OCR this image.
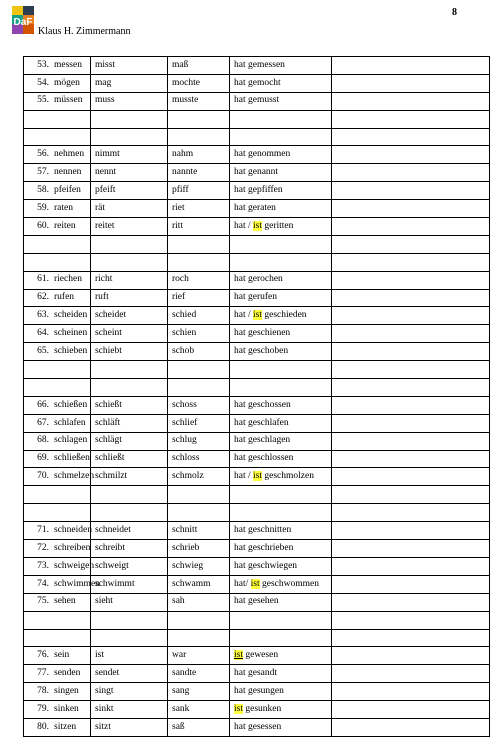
8
DaF
Klaus H. Zimmermann
53. messen	misst	maß	hat gemessen	
54. mögen	mag	mochte	hat gemocht	
55. müssen	muss	musste	hat gemusst	

56. nehmen	nimmt	nahm	hat genommen	
57. nennen	nennt	nannte	hat genannt	
58. pfeifen	pfeift	pfiff	hat gepfiffen	
59. raten	rät	riet	hat geraten	
60. reiten	reitet	ritt	hat / ist geritten	

61. riechen	richt	roch	hat gerochen	
62. rufen	ruft	rief	hat gerufen	
63. scheiden	scheidet	schied	hat / ist geschieden	
64. scheinen	scheint	schien	hat geschienen	
65. schieben	schiebt	schob	hat geschoben	

66. schießen	schießt	schoss	hat geschossen	
67. schlafen	schläft	schlief	hat geschlafen	
68. schlagen	schlägt	schlug	hat geschlagen	
69. schließen	schließt	schloss	hat geschlossen	
70. schmelzen	schmilzt	schmolz	hat / ist geschmolzen	

71. schneiden	schneidet	schnitt	hat geschnitten	
72. schreiben	schreibt	schrieb	hat geschrieben	
73. schweigen	schweigt	schwieg	hat geschwiegen	
74. schwimmen	schwimmt	schwamm	hat/ ist geschwommen	
75. sehen	sieht	sah	hat gesehen	

76. sein	ist	war	ist gewesen	
77. senden	sendet	sandte	hat gesandt	
78. singen	singt	sang	hat gesungen	
79. sinken	sinkt	sank	ist gesunken	
80. sitzen	sitzt	saß	hat gesessen	
